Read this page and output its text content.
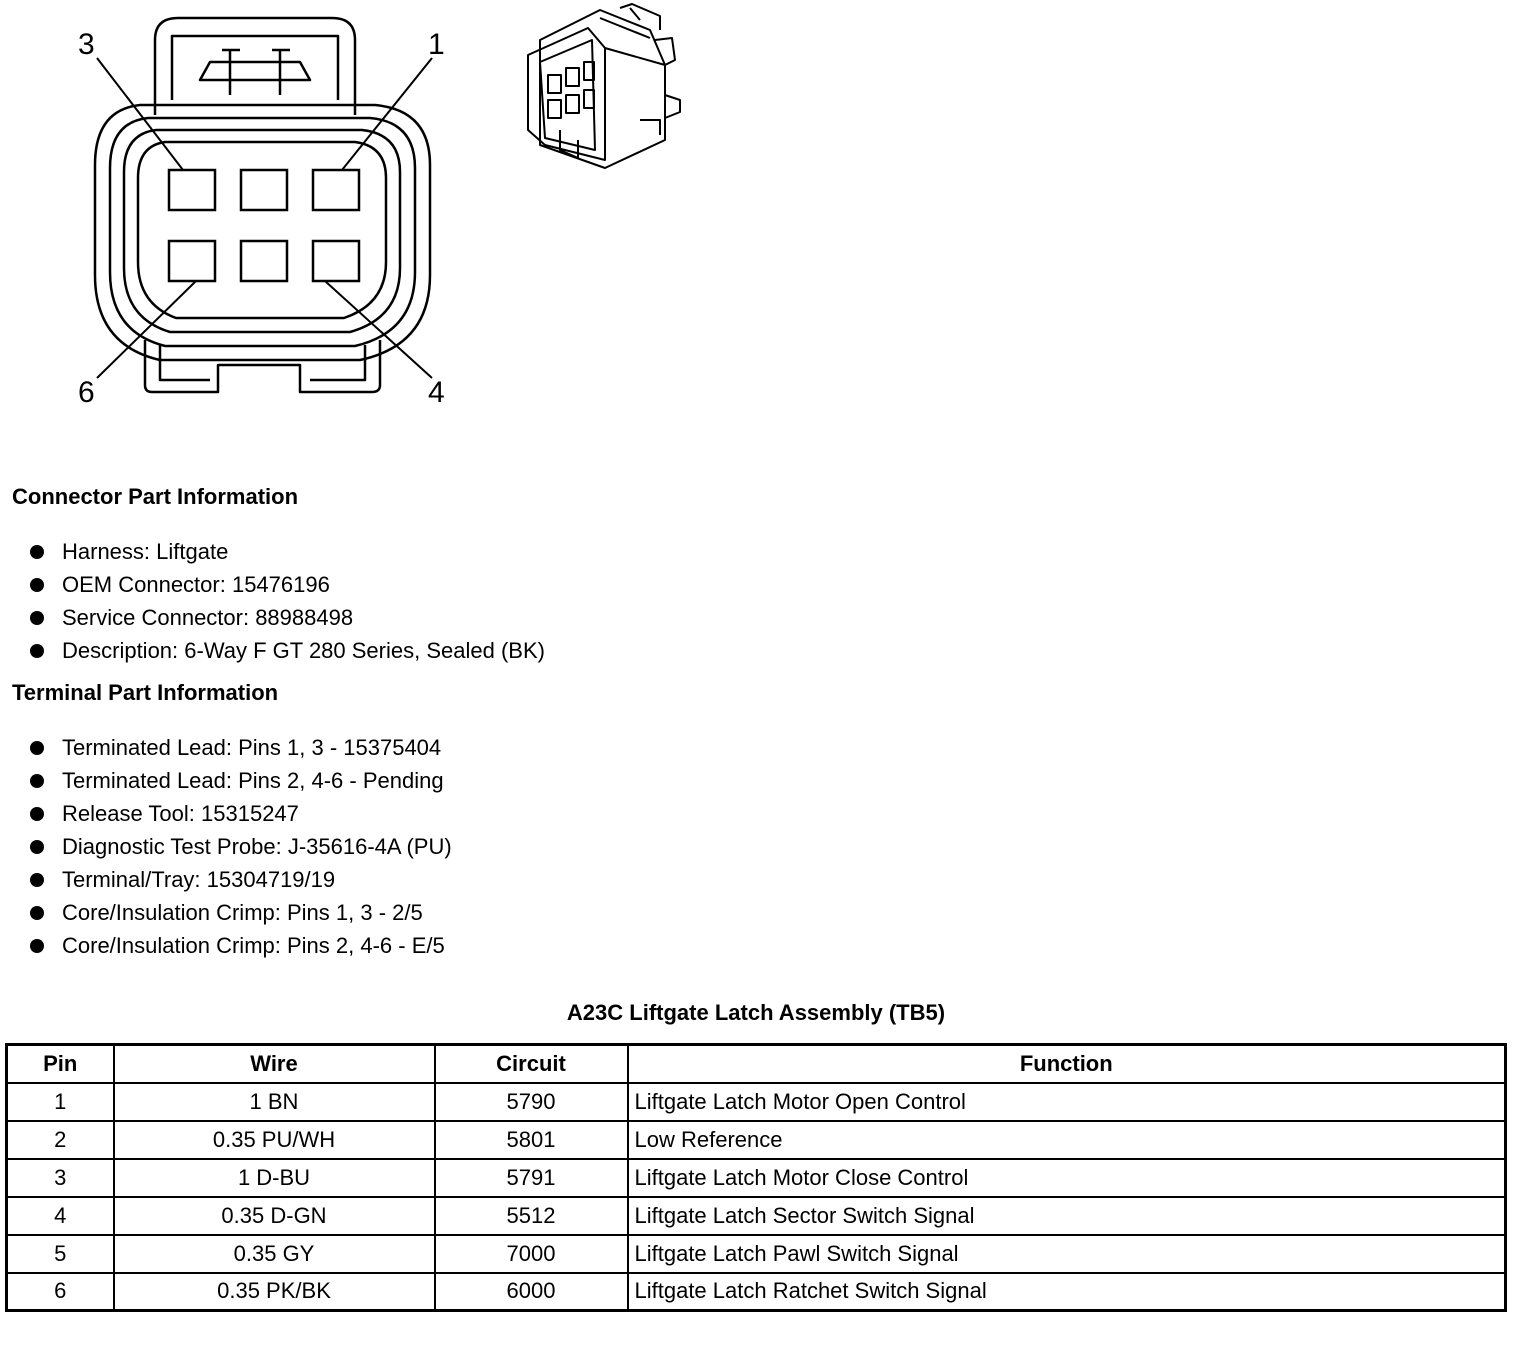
3	1
6	4
Connector Part Information
Harness: Liftgate
OEM Connector: 15476196
Service Connector: 88988498
Description: 6-Way F GT 280 Series, Sealed (BK)
Terminal Part Information
Terminated Lead: Pins 1, 3 - 15375404
Terminated Lead: Pins 2, 4-6 - Pending
Release Tool: 15315247
Diagnostic Test Probe: J-35616-4A (PU)
Terminal/Tray: 15304719/19
Core/Insulation Crimp: Pins 1, 3 - 2/5
Core/Insulation Crimp: Pins 2, 4-6 - E/5
A23C Liftgate Latch Assembly (TB5)
Pin	Wire	Circuit	Function
1	1 BN	5790	Liftgate Latch Motor Open Control
2	0.35 PU/WH	5801	Low Reference
3	1 D-BU	5791	Liftgate Latch Motor Close Control
4	0.35 D-GN	5512	Liftgate Latch Sector Switch Signal
5	0.35 GY	7000	Liftgate Latch Pawl Switch Signal
6	0.35 PK/BK	6000	Liftgate Latch Ratchet Switch Signal
